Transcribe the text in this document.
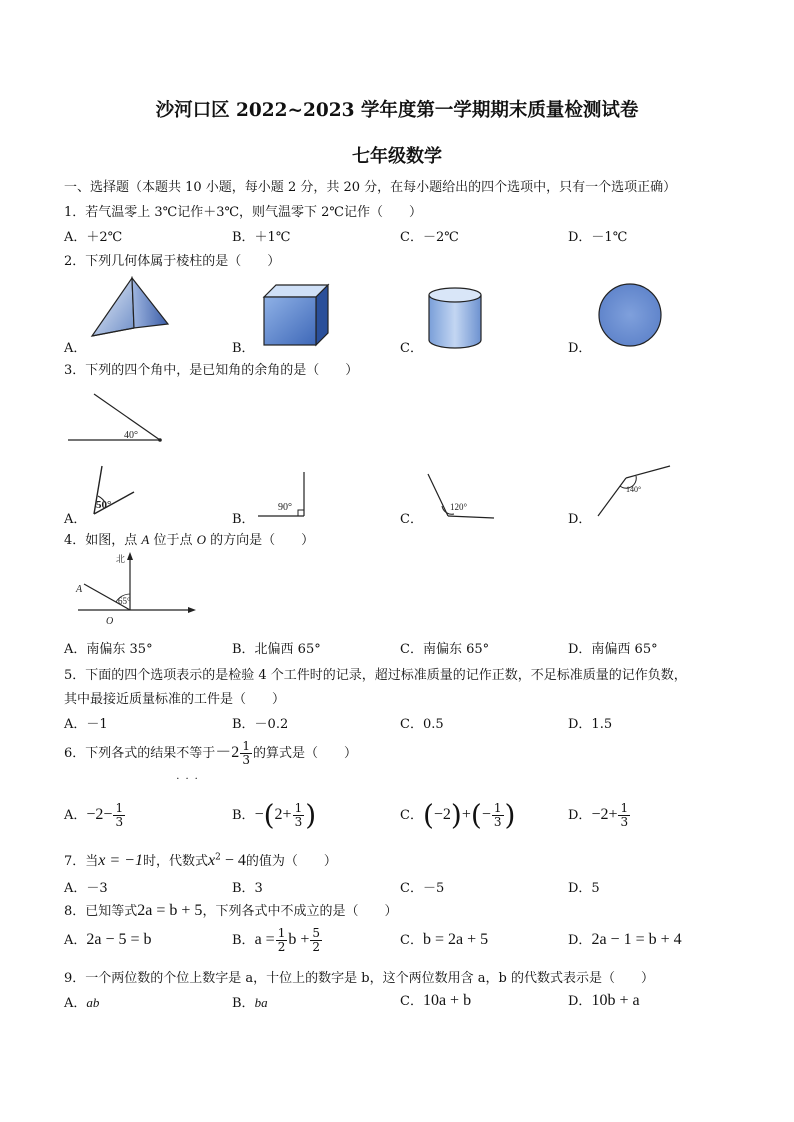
沙河口区 2022~2023 学年度第一学期期末质量检测试卷
七年级数学
一、选择题（本题共 10 小题，每小题 2 分，共 20 分，在每小题给出的四个选项中，只有一个选项正确）
1．若气温零上 3℃记作＋3℃，则气温零下 2℃记作（　　）
A．＋2℃	B．＋1℃	C．－2℃	D．－1℃
2．下列几何体属于棱柱的是（　　）
A．	B．	C．	D．
3．下列的四个角中，是已知角的余角的是（　　）
40°
A．	B．	C．	D．
50°	90°	120°
140°
4．如图，点 A 位于点 O 的方向是（　　）
北
A
65°
O
A．南偏东 35°	B．北偏西 65°	C．南偏东 65°	D．南偏西 65°
5．下面的四个选项表示的是检验 4 个工件时的记录，超过标准质量的记作正数，不足标准质量的记作负数，
其中最接近质量标准的工件是（　　）
A．－1	B．－0.2	C．0.5	D．1.5
6．下列各式的结果不等于
···
$-2 \frac{1}{3}$ 的算式是（　　）
A．$-2- \frac{1}{3}$	B．$-(2+ \frac{1}{3}$ )	C．$(-2)+(- \frac{1}{3}$ )	D．$-2+ \frac{1}{3}$
7．当x = −1时，代数式$x^2 - 4$的值为（　　）
A．－3	B．3	C．－5	D．5
8．已知等式2a = b + 5，下列各式中不成立的是（　　）
A．2a − 5 = b	B．$a = \frac{1}{2}$ $b + \frac{5}{2}$	C．b = 2a + 5	D．2a − 1 = b + 4
9．一个两位数的个位上数字是 a，十位上的数字是 b，这个两位数用含 a，b 的代数式表示是（　　）
A．ab	B．ba	C．10a + b	D．10b + a
